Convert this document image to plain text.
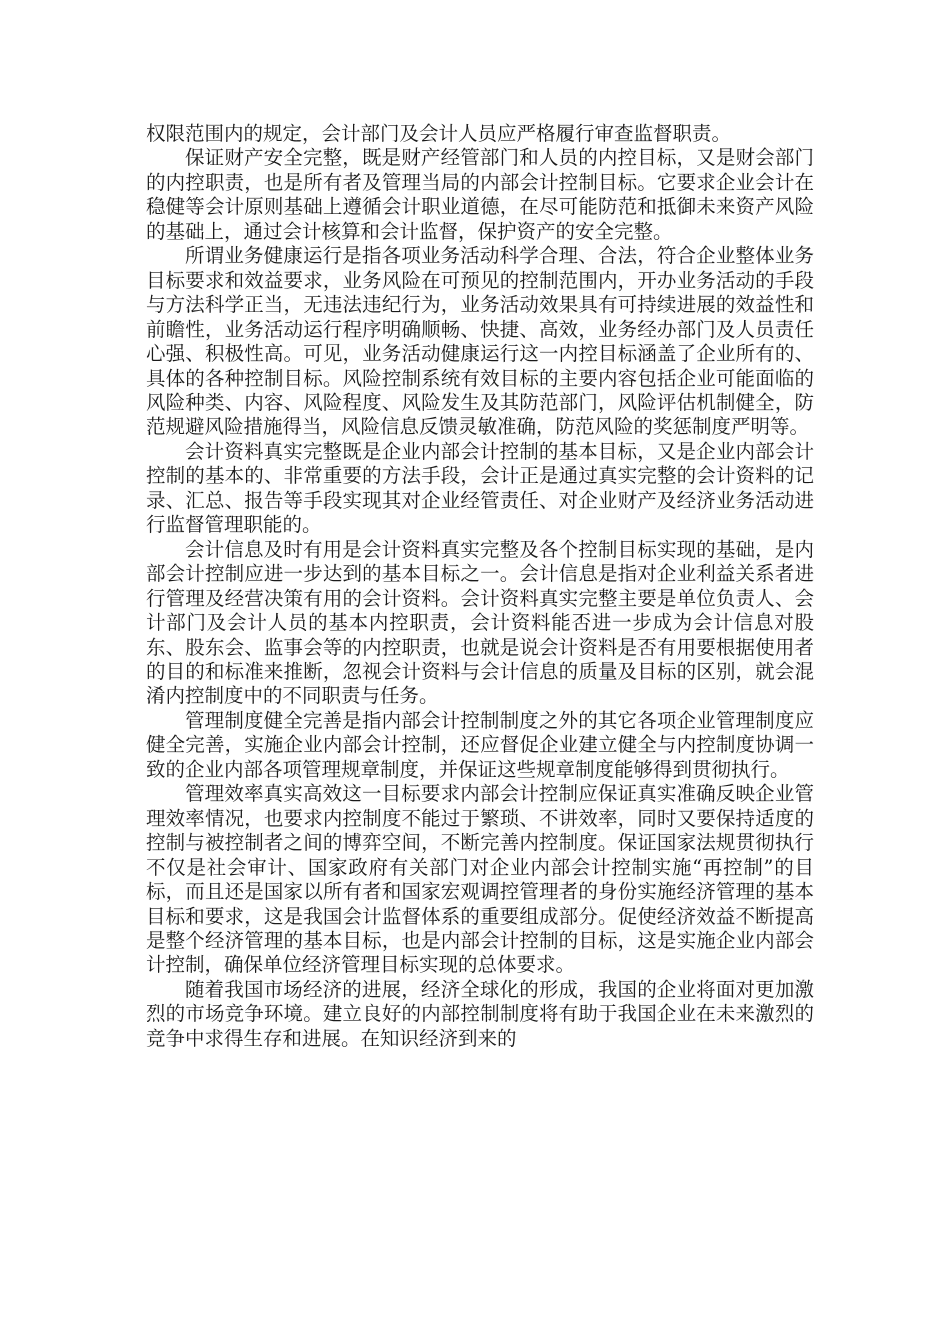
权限范围内的规定，会计部门及会计人员应严格履行审查监督职责。

保证财产安全完整，既是财产经管部门和人员的内控目标，又是财会部门的内控职责，也是所有者及管理当局的内部会计控制目标。它要求企业会计在稳健等会计原则基础上遵循会计职业道德，在尽可能防范和抵御未来资产风险的基础上，通过会计核算和会计监督，保护资产的安全完整。

所谓业务健康运行是指各项业务活动科学合理、合法，符合企业整体业务目标要求和效益要求，业务风险在可预见的控制范围内，开办业务活动的手段与方法科学正当，无违法违纪行为，业务活动效果具有可持续进展的效益性和前瞻性，业务活动运行程序明确顺畅、快捷、高效，业务经办部门及人员责任心强、积极性高。可见，业务活动健康运行这一内控目标涵盖了企业所有的、具体的各种控制目标。风险控制系统有效目标的主要内容包括企业可能面临的风险种类、内容、风险程度、风险发生及其防范部门，风险评估机制健全，防范规避风险措施得当，风险信息反馈灵敏准确，防范风险的奖惩制度严明等。

会计资料真实完整既是企业内部会计控制的基本目标，又是企业内部会计控制的基本的、非常重要的方法手段，会计正是通过真实完整的会计资料的记录、汇总、报告等手段实现其对企业经管责任、对企业财产及经济业务活动进行监督管理职能的。

会计信息及时有用是会计资料真实完整及各个控制目标实现的基础，是内部会计控制应进一步达到的基本目标之一。会计信息是指对企业利益关系者进行管理及经营决策有用的会计资料。会计资料真实完整主要是单位负责人、会计部门及会计人员的基本内控职责，会计资料能否进一步成为会计信息对股东、股东会、监事会等的内控职责，也就是说会计资料是否有用要根据使用者的目的和标准来推断，忽视会计资料与会计信息的质量及目标的区别，就会混淆内控制度中的不同职责与任务。

管理制度健全完善是指内部会计控制制度之外的其它各项企业管理制度应健全完善，实施企业内部会计控制，还应督促企业建立健全与内控制度协调一致的企业内部各项管理规章制度，并保证这些规章制度能够得到贯彻执行。

管理效率真实高效这一目标要求内部会计控制应保证真实准确反映企业管理效率情况，也要求内控制度不能过于繁琐、不讲效率，同时又要保持适度的控制与被控制者之间的博弈空间，不断完善内控制度。保证国家法规贯彻执行不仅是社会审计、国家政府有关部门对企业内部会计控制实施“再控制”的目标，而且还是国家以所有者和国家宏观调控管理者的身份实施经济管理的基本目标和要求，这是我国会计监督体系的重要组成部分。促使经济效益不断提高是整个经济管理的基本目标，也是内部会计控制的目标，这是实施企业内部会计控制，确保单位经济管理目标实现的总体要求。

随着我国市场经济的进展，经济全球化的形成，我国的企业将面对更加激烈的市场竞争环境。建立良好的内部控制制度将有助于我国企业在未来激烈的竞争中求得生存和进展。在知识经济到来的
